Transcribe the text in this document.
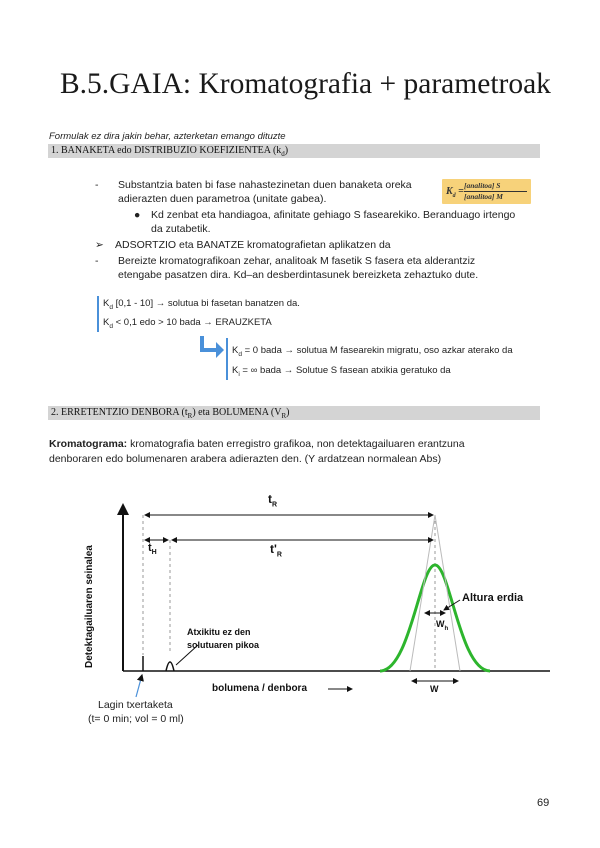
B.5.GAIA: Kromatografia + parametroak
Formulak ez dira jakin behar, azterketan emango dituzte
1. BANAKETA edo DISTRIBUZIO KOEFIZIENTEA $(k_d)$
- Substantzia baten bi fase nahastezinetan duen banaketa oreka
adierazten duen parametroa (unitate gabea).
● Kd zenbat eta handiagoa, afinitate gehiago S fasearekiko. Beranduago irtengo
da zutabetik.
➢ ADSORTZIO eta BANATZE kromatografietan aplikatzen da
- Bereizte kromatografikoan zehar, analitoak M fasetik S fasera eta alderantziz
etengabe pasatzen dira. Kd–an desberdintasunek bereizketa zehaztuko dute.
$K_d$ =
[analitoa] S
[analitoa] M
$K_d$ [0,1 - 10] → solutua bi fasetan banatzen da.
$K_d < 0,1$ edo > 10 bada → ERAUZKETA
$K_d = 0$ bada → solutua M fasearekin migratu, oso azkar aterako da
$K_i$ = ∞ bada → Solutue S fasean atxikia geratuko da
2. ERRETENTZIO DENBORA $(t_R)$ eta BOLUMENA $(V_R)$
Kromatograma: kromatografia baten erregistro grafikoa, non detektagailuaren erantzuna
denboraren edo bolumenaren arabera adierazten den. (Y ardatzean normalean Abs)
Detektagailuaren seinalea
$t_R$
$t_H$	$t'_R$
Atxikitu ez den
solutuaren pikoa
Altura erdia
$W_h$
W
bolumena / denbora
Lagin txertaketa
(t= 0 min; vol = 0 ml)
69
